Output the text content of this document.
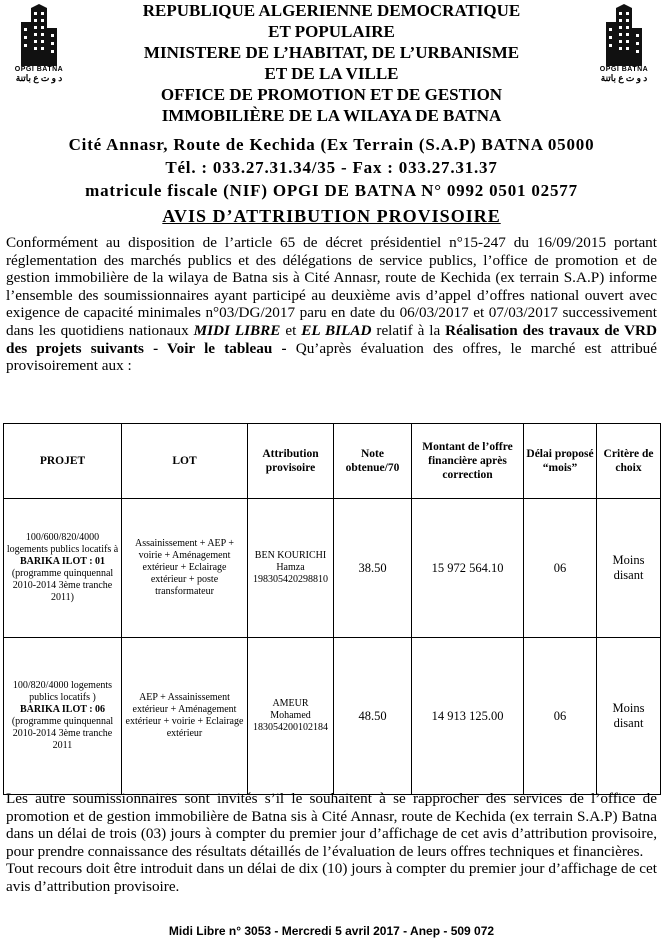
OPGI BATNA
د و ت ع باتنة
OPGI BATNA
د و ت ع باتنة
REPUBLIQUE ALGERIENNE DEMOCRATIQUE
ET POPULAIRE
MINISTERE DE L’HABITAT, DE L’URBANISME
ET DE LA VILLE
OFFICE DE PROMOTION ET DE GESTION
IMMOBILIÈRE DE LA WILAYA DE BATNA
Cité Annasr, Route de Kechida (Ex Terrain (S.A.P) BATNA 05000
Tél. : 033.27.31.34/35 - Fax : 033.27.31.37
matricule fiscale (NIF) OPGI DE BATNA N° 0992 0501 02577
AVIS D’ATTRIBUTION PROVISOIRE
Conformément au disposition de l’article 65 de décret présidentiel n°15-247 du 16/09/2015 portant réglementation des marchés publics et des délégations de service publics, l’office de promotion et de gestion immobilière de la wilaya de Batna sis à Cité Annasr, route de Kechida (ex terrain S.A.P) informe l’ensemble des soumissionnaires ayant participé au deuxième avis d’appel d’offres national ouvert avec exigence de capacité minimales n°03/DG/2017 paru en date du 06/03/2017 et 07/03/2017 successivement dans les quotidiens nationaux MIDI LIBRE et EL BILAD relatif à la Réalisation des travaux de VRD des projets suivants - Voir le tableau - Qu’après évaluation des offres, le marché est attribué provisoirement aux :
PROJET	LOT	Attribution provisoire	Note obtenue/70	Montant de l’offre financière après correction	Délai proposé “mois”	Critère de choix
100/600/820/4000 logements publics locatifs à
BARIKA ILOT : 01
(programme quinquennal 2010-2014 3ème tranche 2011)	Assainissement + AEP + voirie + Aménagement extérieur + Eclairage extérieur + poste transformateur	BEN KOURICHI
Hamza
198305420298810	38.50	15 972 564.10	06	Moins disant
100/820/4000 logements publics locatifs )
BARIKA ILOT : 06
(programme quinquennal 2010-2014 3ème tranche 2011	AEP + Assainissement extérieur + Aménagement extérieur + voirie + Eclairage extérieur	AMEUR
Mohamed
183054200102184	48.50	14 913 125.00	06	Moins disant
Les autre soumissionnaires sont invités s’il le souhaitent à se rapprocher des services de l’office de promotion et de gestion immobilière de Batna sis à Cité Annasr, route de Kechida (ex terrain S.A.P) Batna dans un délai de trois (03) jours à compter du premier jour d’affichage de cet avis d’attribution provisoire, pour prendre connaissance des résultats détaillés de l’évaluation de leurs offres techniques et financières.
Tout recours doit être introduit dans un délai de dix (10) jours à compter du premier jour d’affichage de cet avis d’attribution provisoire.
Midi Libre n° 3053 - Mercredi 5 avril 2017 - Anep - 509 072
